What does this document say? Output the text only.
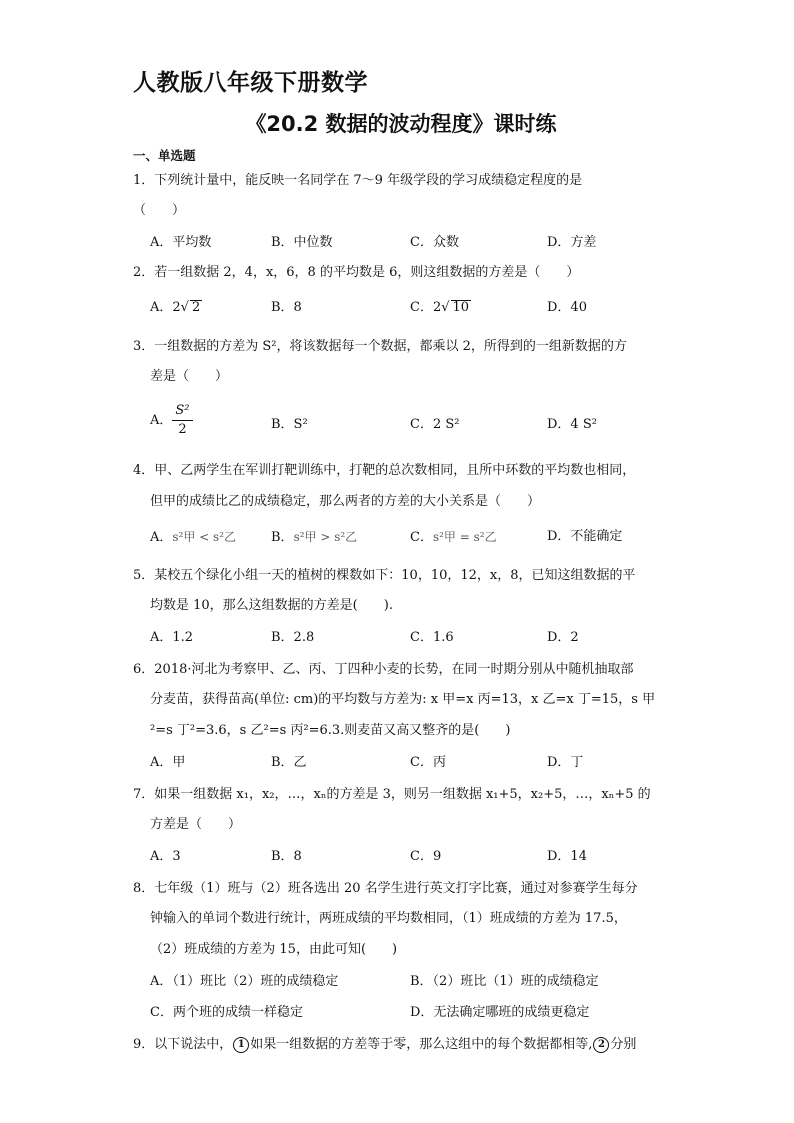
人教版八年级下册数学
《20.2 数据的波动程度》课时练
一、单选题
1．下列统计量中，能反映一名同学在 7～9 年级学段的学习成绩稳定程度的是
（　　）
A．平均数	B．中位数	C．众数	D．方差
2．若一组数据 2，4，x，6，8 的平均数是 6，则这组数据的方差是（　　）
A．2√ 2	B．8	C．2√ 10	D．40
3．一组数据的方差为 S²，将该数据每一个数据，都乘以 2，所得到的一组新数据的方
差是（　　）
A． $\frac{\text{S²}}{2}$	B．S²	C．2 S²	D．4 S²
4．甲、乙两学生在军训打靶训练中，打靶的总次数相同，且所中环数的平均数也相同，
但甲的成绩比乙的成绩稳定，那么两者的方差的大小关系是（　　）
A．s²甲 < s²乙	B．s²甲 > s²乙	C．s²甲 = s²乙	D．不能确定
5．某校五个绿化小组一天的植树的棵数如下：10，10，12，x，8，已知这组数据的平
均数是 10，那么这组数据的方差是(　　).
A．1.2	B．2.8	C．1.6	D．2
6．2018·河北为考察甲、乙、丙、丁四种小麦的长势，在同一时期分别从中随机抽取部
分麦苗，获得苗高(单位: cm)的平均数与方差为: x 甲=x 丙=13，x 乙=x 丁=15，s 甲
²=s 丁²=3.6，s 乙²=s 丙²=6.3.则麦苗又高又整齐的是(　　)
A．甲	B．乙	C．丙	D．丁
7．如果一组数据 x₁，x₂，…，xₙ的方差是 3，则另一组数据 x₁+5，x₂+5，…，xₙ+5 的
方差是（　　）
A．3	B．8	C．9	D．14
8．七年级（1）班与（2）班各选出 20 名学生进行英文打字比赛，通过对参赛学生每分
钟输入的单词个数进行统计，两班成绩的平均数相同，（1）班成绩的方差为 17.5，
（2）班成绩的方差为 15，由此可知(　　)
A．（1）班比（2）班的成绩稳定	B．（2）班比（1）班的成绩稳定
C．两个班的成绩一样稳定	D．无法确定哪班的成绩更稳定
9．以下说法中， 1 如果一组数据的方差等于零，那么这组中的每个数据都相等, 2 分别
